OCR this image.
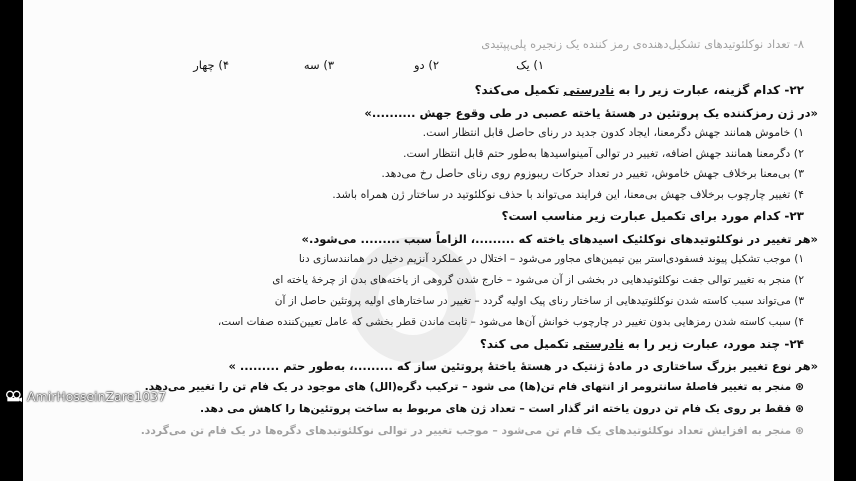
۸- تعداد نوکلئوتیدهای تشکیل‌دهنده‌ی رمز کننده یک زنجیره پلی‌پپتیدی
۱) یک
۲) دو
۳) سه
۴) چهار
۲۲- کدام گزینه، عبارت زیر را به نادرستی تکمیل می‌کند؟
«در ژن رمزکننده یک پروتئین در هستهٔ یاخته عصبی در طی وقوع جهش ..........»
۱) خاموش همانند جهش دگرمعنا، ایجاد کدون جدید در رنای حاصل قابل انتظار است.
۲) دگرمعنا همانند جهش اضافه، تغییر در توالی آمینواسیدها به‌طور حتم قابل انتظار است.
۳) بی‌معنا برخلاف جهش خاموش، تغییر در تعداد حرکات ریبوزوم روی رنای حاصل رخ می‌دهد.
۴) تغییر چارچوب برخلاف جهش بی‌معنا، این فرایند می‌تواند با حذف نوکلئوتید در ساختار ژن همراه باشد.
۲۳- کدام مورد برای تکمیل عبارت زیر مناسب است؟
«هر تغییر در نوکلئوتیدهای نوکلئیک اسیدهای یاخته که .........، الزاماً سبب ......... می‌شود.»
۱) موجب تشکیل پیوند فسفودی‌استر بین تیمین‌های مجاور می‌شود – اختلال در عملکرد آنزیم دخیل در همانندسازی دنا
۲) منجر به تغییر توالی جفت نوکلئوتیدهایی در بخشی از آن می‌شود – خارج شدن گروهی از یاخته‌های بدن از چرخهٔ یاخته ای
۳) می‌تواند سبب کاسته شدن نوکلئوتیدهایی از ساختار رنای پیک اولیه گردد – تغییر در ساختارهای اولیه پروتئین حاصل از آن
۴) سبب کاسته شدن رمزهایی بدون تغییر در چارچوب خوانش آن‌ها می‌شود – ثابت ماندن قطر بخشی که عامل تعیین‌کننده صفات است،
۲۴- چند مورد، عبارت زیر را به نادرستی تکمیل می کند؟
«هر نوع تغییر بزرگ ساختاری در مادهٔ ژنتیک در هستهٔ یاختهٔ پروتئین ساز که .........، به‌طور حتم ......... »
⊛ منجر به تغییر فاصلهٔ سانترومر از انتهای فام تن(ها) می شود – ترکیب دگره(الل) های موجود در یک فام تن را تغییر می‌دهد.
⊛ فقط بر روی یک فام تن درون یاخته اثر گذار است – تعداد ژن های مربوط به ساخت پروتئین‌ها را کاهش می دهد.
⊛ منجر به افزایش تعداد نوکلئوتیدهای یک فام تن می‌شود – موجب تغییر در توالی نوکلئوتیدهای دگره‌ها در یک فام تن می‌گردد.
AmirHosseinZare1037
